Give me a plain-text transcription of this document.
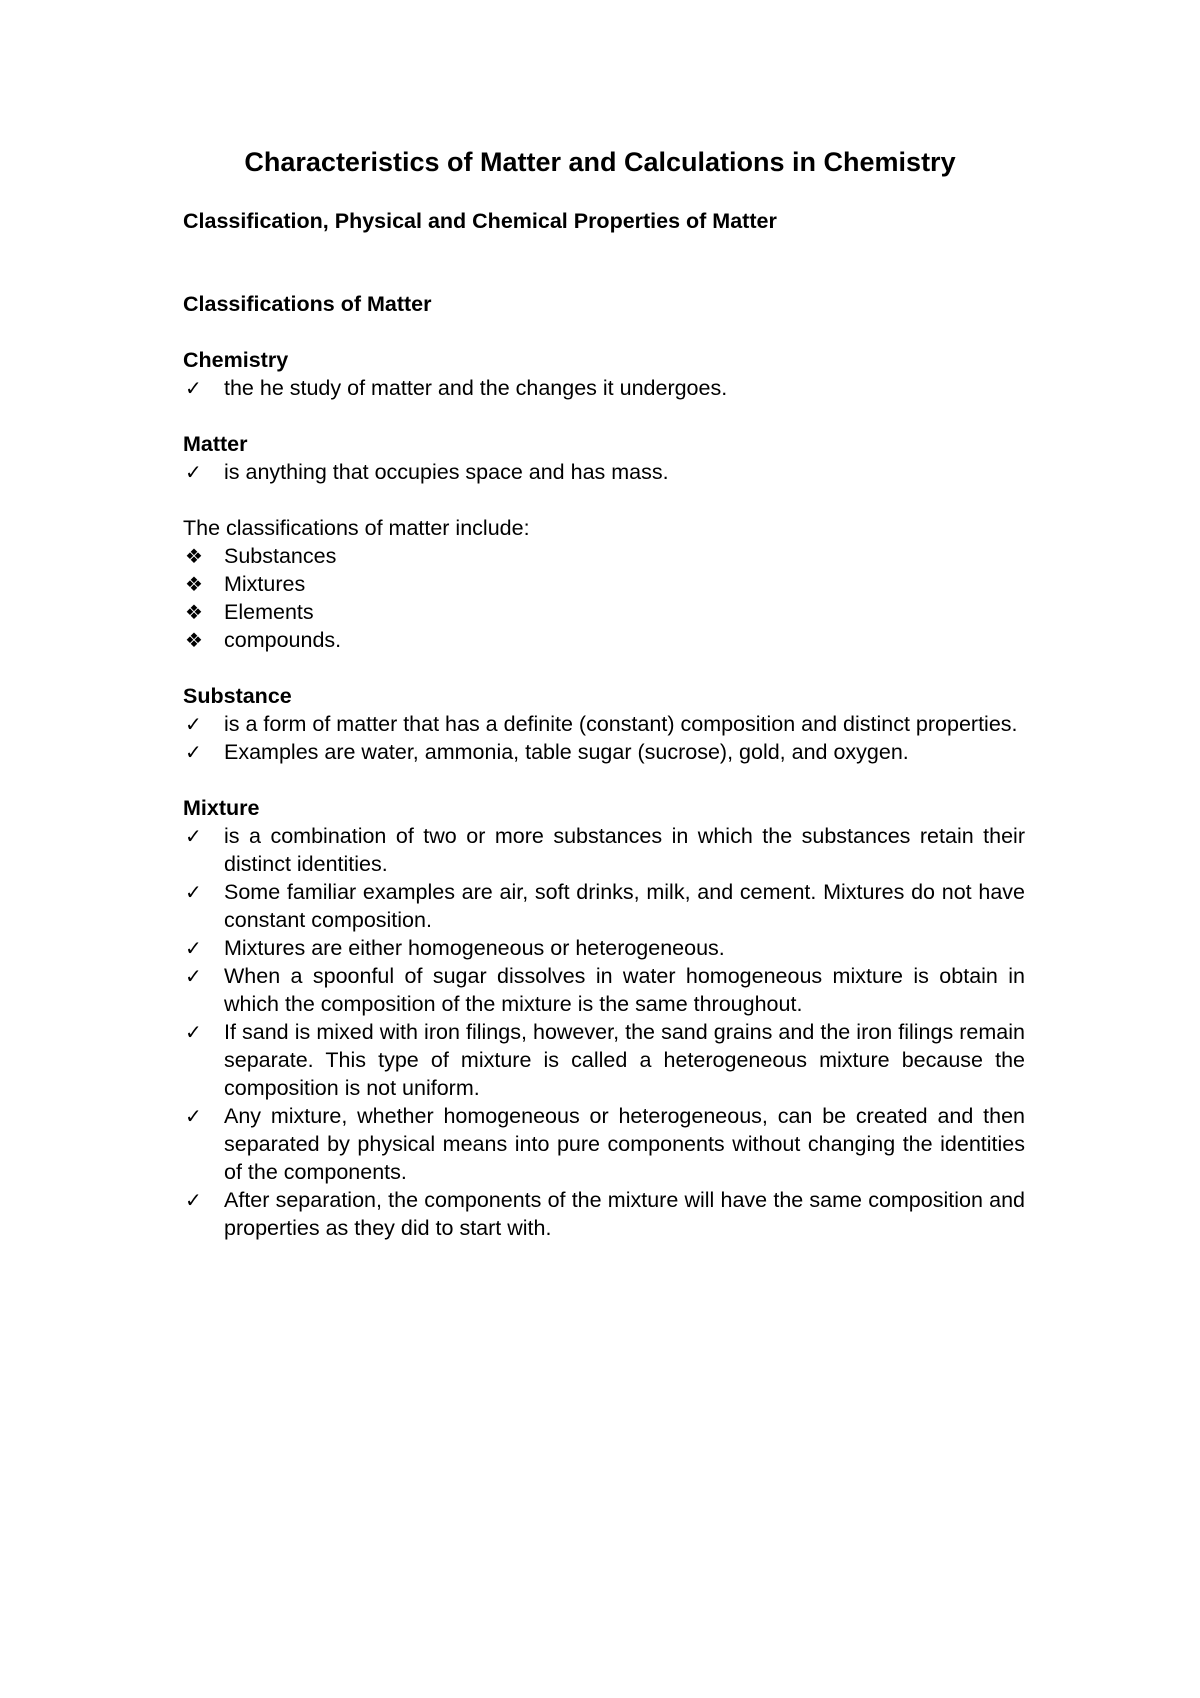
Characteristics of Matter and Calculations in Chemistry

Classification, Physical and Chemical Properties of Matter

Classifications of Matter

Chemistry

✓	the he study of matter and the changes it undergoes.

Matter

✓	is anything that occupies space and has mass.

The classifications of matter include:

❖ Substances
❖ Mixtures
❖ Elements
❖ compounds.

Substance

✓	is a form of matter that has a definite (constant) composition and distinct properties.
✓	Examples are water, ammonia, table sugar (sucrose), gold, and oxygen.

Mixture

✓	is a combination of two or more substances in which the substances retain their distinct identities.
✓	Some familiar examples are air, soft drinks, milk, and cement. Mixtures do not have constant composition.
✓	Mixtures are either homogeneous or heterogeneous.
✓	When a spoonful of sugar dissolves in water homogeneous mixture is obtain in which the composition of the mixture is the same throughout.
✓	If sand is mixed with iron filings, however, the sand grains and the iron filings remain separate. This type of mixture is called a heterogeneous mixture because the composition is not uniform.
✓	Any mixture, whether homogeneous or heterogeneous, can be created and then separated by physical means into pure components without changing the identities of the components.
✓	After separation, the components of the mixture will have the same composition and properties as they did to start with.
